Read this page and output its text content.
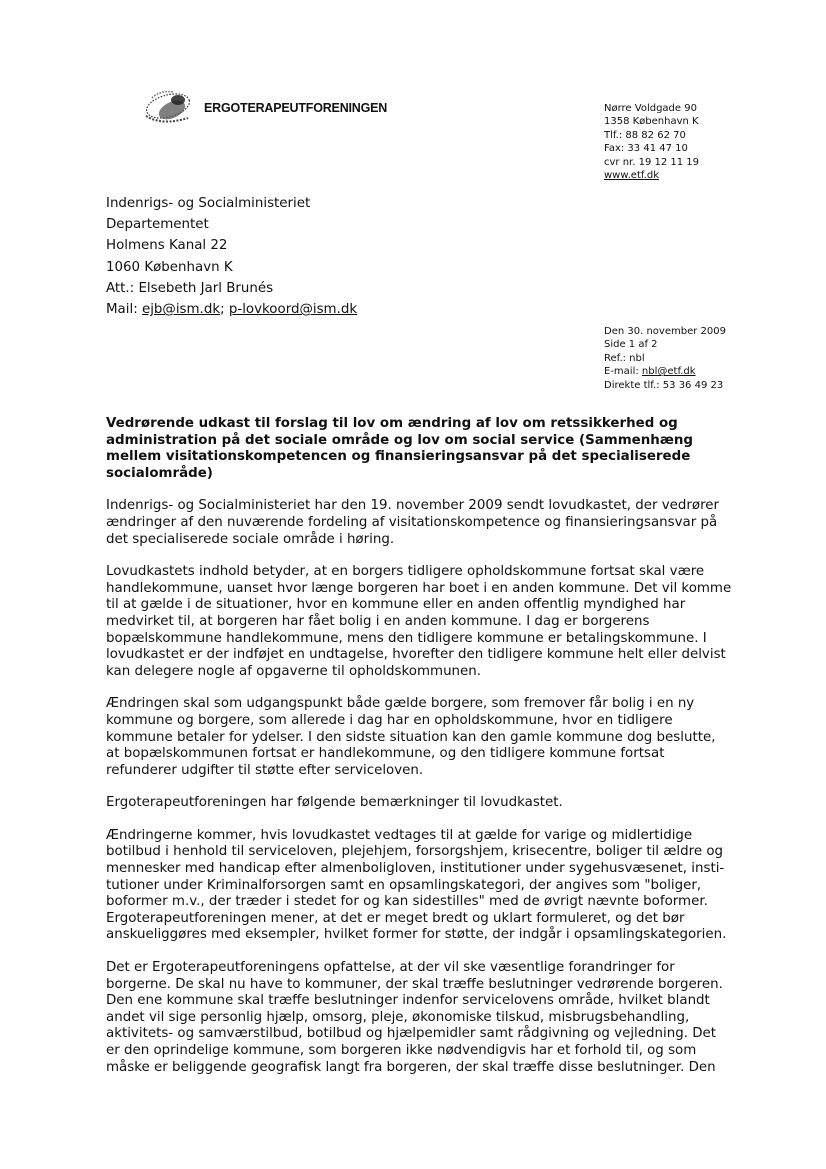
ERGOTERAPEUTFORENINGEN	Nørre Voldgade 90
1358 København K
Tlf.: 88 82 62 70
Fax: 33 41 47 10
cvr nr. 19 12 11 19
www.etf.dk
Indenrigs- og Socialministeriet
Departementet
Holmens Kanal 22
1060 København K
Att.: Elsebeth Jarl Brunés
Mail: ejb@ism.dk; p-lovkoord@ism.dk
Den 30. november 2009
Side 1 af 2
Ref.: nbl
E-mail: nbl@etf.dk
Direkte tlf.: 53 36 49 23
Vedrørende udkast til forslag til lov om ændring af lov om retssikkerhed og
administration på det sociale område og lov om social service (Sammenhæng
mellem visitationskompetencen og finansieringsansvar på det specialiserede
socialområde)

Indenrigs- og Socialministeriet har den 19. november 2009 sendt lovudkastet, der vedrører
ændringer af den nuværende fordeling af visitationskompetence og finansieringsansvar på
det specialiserede sociale område i høring.

Lovudkastets indhold betyder, at en borgers tidligere opholdskommune fortsat skal være
handlekommune, uanset hvor længe borgeren har boet i en anden kommune. Det vil komme
til at gælde i de situationer, hvor en kommune eller en anden offentlig myndighed har
medvirket til, at borgeren har fået bolig i en anden kommune. I dag er borgerens
bopælskommune handlekommune, mens den tidligere kommune er betalingskommune. I
lovudkastet er der indføjet en undtagelse, hvorefter den tidligere kommune helt eller delvist
kan delegere nogle af opgaverne til opholdskommunen.

Ændringen skal som udgangspunkt både gælde borgere, som fremover får bolig i en ny
kommune og borgere, som allerede i dag har en opholdskommune, hvor en tidligere
kommune betaler for ydelser. I den sidste situation kan den gamle kommune dog beslutte,
at bopælskommunen fortsat er handlekommune, og den tidligere kommune fortsat
refunderer udgifter til støtte efter serviceloven.

Ergoterapeutforeningen har følgende bemærkninger til lovudkastet.

Ændringerne kommer, hvis lovudkastet vedtages til at gælde for varige og midlertidige
botilbud i henhold til serviceloven, plejehjem, forsorgshjem, krisecentre, boliger til ældre og
mennesker med handicap efter almenboligloven, institutioner under sygehusvæsenet, insti-
tutioner under Kriminalforsorgen samt en opsamlingskategori, der angives som "boliger,
boformer m.v., der træder i stedet for og kan sidestilles" med de øvrigt nævnte boformer.
Ergoterapeutforeningen mener, at det er meget bredt og uklart formuleret, og det bør
anskueliggøres med eksempler, hvilket former for støtte, der indgår i opsamlingskategorien.

Det er Ergoterapeutforeningens opfattelse, at der vil ske væsentlige forandringer for
borgerne. De skal nu have to kommuner, der skal træffe beslutninger vedrørende borgeren.
Den ene kommune skal træffe beslutninger indenfor servicelovens område, hvilket blandt
andet vil sige personlig hjælp, omsorg, pleje, økonomiske tilskud, misbrugsbehandling,
aktivitets- og samværstilbud, botilbud og hjælpemidler samt rådgivning og vejledning. Det
er den oprindelige kommune, som borgeren ikke nødvendigvis har et forhold til, og som
måske er beliggende geografisk langt fra borgeren, der skal træffe disse beslutninger. Den
